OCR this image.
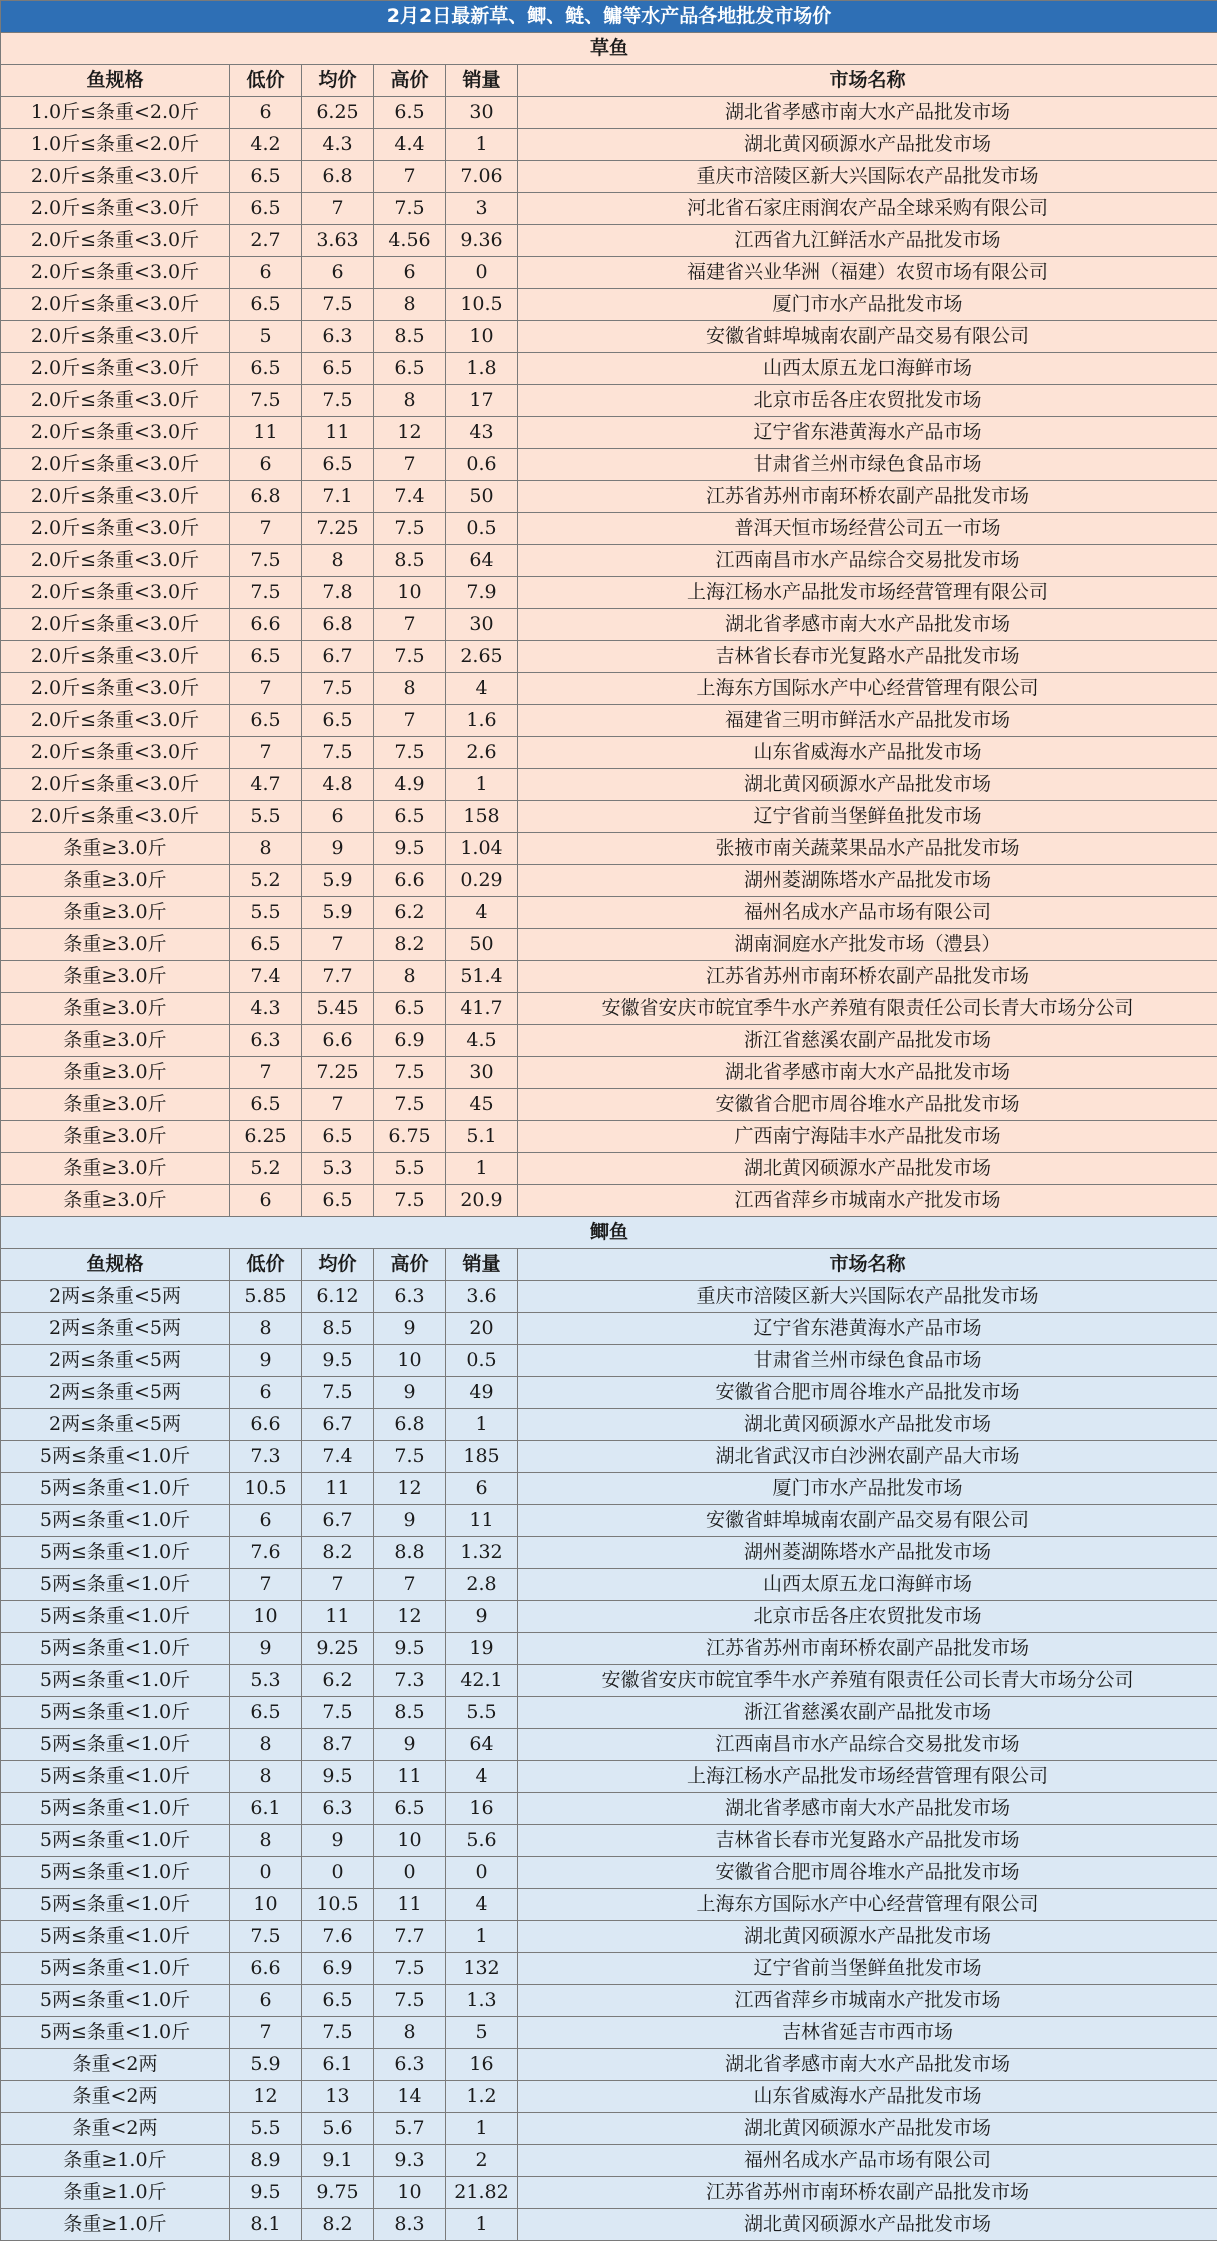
2月2日最新草、鲫、鲢、鳙等水产品各地批发市场价					
草鱼					
鱼规格	低价	均价	高价	销量	市场名称
1.0斤≤条重<2.0斤	6	6.25	6.5	30	湖北省孝感市南大水产品批发市场
1.0斤≤条重<2.0斤	4.2	4.3	4.4	1	湖北黄冈硕源水产品批发市场
2.0斤≤条重<3.0斤	6.5	6.8	7	7.06	重庆市涪陵区新大兴国际农产品批发市场
2.0斤≤条重<3.0斤	6.5	7	7.5	3	河北省石家庄雨润农产品全球采购有限公司
2.0斤≤条重<3.0斤	2.7	3.63	4.56	9.36	江西省九江鲜活水产品批发市场
2.0斤≤条重<3.0斤	6	6	6	0	福建省兴业华洲（福建）农贸市场有限公司
2.0斤≤条重<3.0斤	6.5	7.5	8	10.5	厦门市水产品批发市场
2.0斤≤条重<3.0斤	5	6.3	8.5	10	安徽省蚌埠城南农副产品交易有限公司
2.0斤≤条重<3.0斤	6.5	6.5	6.5	1.8	山西太原五龙口海鲜市场
2.0斤≤条重<3.0斤	7.5	7.5	8	17	北京市岳各庄农贸批发市场
2.0斤≤条重<3.0斤	11	11	12	43	辽宁省东港黄海水产品市场
2.0斤≤条重<3.0斤	6	6.5	7	0.6	甘肃省兰州市绿色食品市场
2.0斤≤条重<3.0斤	6.8	7.1	7.4	50	江苏省苏州市南环桥农副产品批发市场
2.0斤≤条重<3.0斤	7	7.25	7.5	0.5	普洱天恒市场经营公司五一市场
2.0斤≤条重<3.0斤	7.5	8	8.5	64	江西南昌市水产品综合交易批发市场
2.0斤≤条重<3.0斤	7.5	7.8	10	7.9	上海江杨水产品批发市场经营管理有限公司
2.0斤≤条重<3.0斤	6.6	6.8	7	30	湖北省孝感市南大水产品批发市场
2.0斤≤条重<3.0斤	6.5	6.7	7.5	2.65	吉林省长春市光复路水产品批发市场
2.0斤≤条重<3.0斤	7	7.5	8	4	上海东方国际水产中心经营管理有限公司
2.0斤≤条重<3.0斤	6.5	6.5	7	1.6	福建省三明市鲜活水产品批发市场
2.0斤≤条重<3.0斤	7	7.5	7.5	2.6	山东省威海水产品批发市场
2.0斤≤条重<3.0斤	4.7	4.8	4.9	1	湖北黄冈硕源水产品批发市场
2.0斤≤条重<3.0斤	5.5	6	6.5	158	辽宁省前当堡鲜鱼批发市场
条重≥3.0斤	8	9	9.5	1.04	张掖市南关蔬菜果品水产品批发市场
条重≥3.0斤	5.2	5.9	6.6	0.29	湖州菱湖陈塔水产品批发市场
条重≥3.0斤	5.5	5.9	6.2	4	福州名成水产品市场有限公司
条重≥3.0斤	6.5	7	8.2	50	湖南洞庭水产批发市场（澧县）
条重≥3.0斤	7.4	7.7	8	51.4	江苏省苏州市南环桥农副产品批发市场
条重≥3.0斤	4.3	5.45	6.5	41.7	安徽省安庆市皖宜季牛水产养殖有限责任公司长青大市场分公司
条重≥3.0斤	6.3	6.6	6.9	4.5	浙江省慈溪农副产品批发市场
条重≥3.0斤	7	7.25	7.5	30	湖北省孝感市南大水产品批发市场
条重≥3.0斤	6.5	7	7.5	45	安徽省合肥市周谷堆水产品批发市场
条重≥3.0斤	6.25	6.5	6.75	5.1	广西南宁海陆丰水产品批发市场
条重≥3.0斤	5.2	5.3	5.5	1	湖北黄冈硕源水产品批发市场
条重≥3.0斤	6	6.5	7.5	20.9	江西省萍乡市城南水产批发市场
鲫鱼					
鱼规格	低价	均价	高价	销量	市场名称
2两≤条重<5两	5.85	6.12	6.3	3.6	重庆市涪陵区新大兴国际农产品批发市场
2两≤条重<5两	8	8.5	9	20	辽宁省东港黄海水产品市场
2两≤条重<5两	9	9.5	10	0.5	甘肃省兰州市绿色食品市场
2两≤条重<5两	6	7.5	9	49	安徽省合肥市周谷堆水产品批发市场
2两≤条重<5两	6.6	6.7	6.8	1	湖北黄冈硕源水产品批发市场
5两≤条重<1.0斤	7.3	7.4	7.5	185	湖北省武汉市白沙洲农副产品大市场
5两≤条重<1.0斤	10.5	11	12	6	厦门市水产品批发市场
5两≤条重<1.0斤	6	6.7	9	11	安徽省蚌埠城南农副产品交易有限公司
5两≤条重<1.0斤	7.6	8.2	8.8	1.32	湖州菱湖陈塔水产品批发市场
5两≤条重<1.0斤	7	7	7	2.8	山西太原五龙口海鲜市场
5两≤条重<1.0斤	10	11	12	9	北京市岳各庄农贸批发市场
5两≤条重<1.0斤	9	9.25	9.5	19	江苏省苏州市南环桥农副产品批发市场
5两≤条重<1.0斤	5.3	6.2	7.3	42.1	安徽省安庆市皖宜季牛水产养殖有限责任公司长青大市场分公司
5两≤条重<1.0斤	6.5	7.5	8.5	5.5	浙江省慈溪农副产品批发市场
5两≤条重<1.0斤	8	8.7	9	64	江西南昌市水产品综合交易批发市场
5两≤条重<1.0斤	8	9.5	11	4	上海江杨水产品批发市场经营管理有限公司
5两≤条重<1.0斤	6.1	6.3	6.5	16	湖北省孝感市南大水产品批发市场
5两≤条重<1.0斤	8	9	10	5.6	吉林省长春市光复路水产品批发市场
5两≤条重<1.0斤	0	0	0	0	安徽省合肥市周谷堆水产品批发市场
5两≤条重<1.0斤	10	10.5	11	4	上海东方国际水产中心经营管理有限公司
5两≤条重<1.0斤	7.5	7.6	7.7	1	湖北黄冈硕源水产品批发市场
5两≤条重<1.0斤	6.6	6.9	7.5	132	辽宁省前当堡鲜鱼批发市场
5两≤条重<1.0斤	6	6.5	7.5	1.3	江西省萍乡市城南水产批发市场
5两≤条重<1.0斤	7	7.5	8	5	吉林省延吉市西市场
条重<2两	5.9	6.1	6.3	16	湖北省孝感市南大水产品批发市场
条重<2两	12	13	14	1.2	山东省威海水产品批发市场
条重<2两	5.5	5.6	5.7	1	湖北黄冈硕源水产品批发市场
条重≥1.0斤	8.9	9.1	9.3	2	福州名成水产品市场有限公司
条重≥1.0斤	9.5	9.75	10	21.82	江苏省苏州市南环桥农副产品批发市场
条重≥1.0斤	8.1	8.2	8.3	1	湖北黄冈硕源水产品批发市场
